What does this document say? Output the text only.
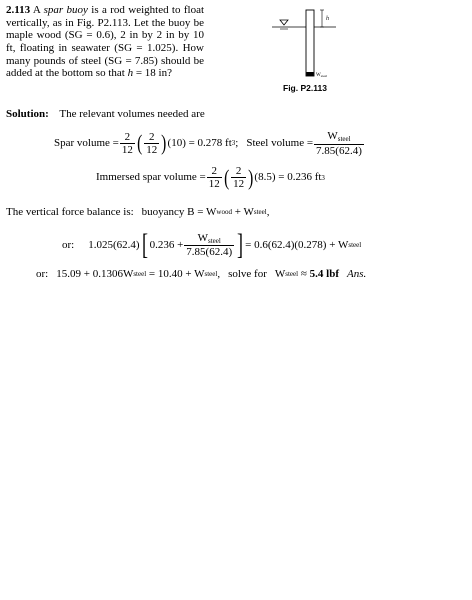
2.113 A spar buoy is a rod weighted to float vertically, as in Fig. P2.113. Let the buoy be maple wood (SG = 0.6), 2 in by 2 in by 10 ft, floating in seawater (SG = 1.025). How many pounds of steel (SG = 7.85) should be added at the bottom so that h = 18 in?
h
$W_{steel}$
Fig. P2.113
Solution: The relevant volumes needed are
Spar volume = $\frac{2}{12}$ ( $\frac{2}{12}$ ) (10) = 0.278 ft 3 ; Steel volume = $\frac{W_{steel}}{7.85(62.4)}$
Immersed spar volume = $\frac{2}{12}$ ( $\frac{2}{12}$ ) (8.5) = 0.236 ft 3
The vertical force balance is: buoyancy B = W wood
+ W steel ,
or: 1.025(62.4) [ $0.236 + \frac{W_{steel}}{7.85(62.4)}$ ] = 0.6(62.4)(0.278) + W steel
or: 15.09 + 0.1306W steel
= 10.40 + W steel , solve for W steel
≈
5.4 lbf Ans.
